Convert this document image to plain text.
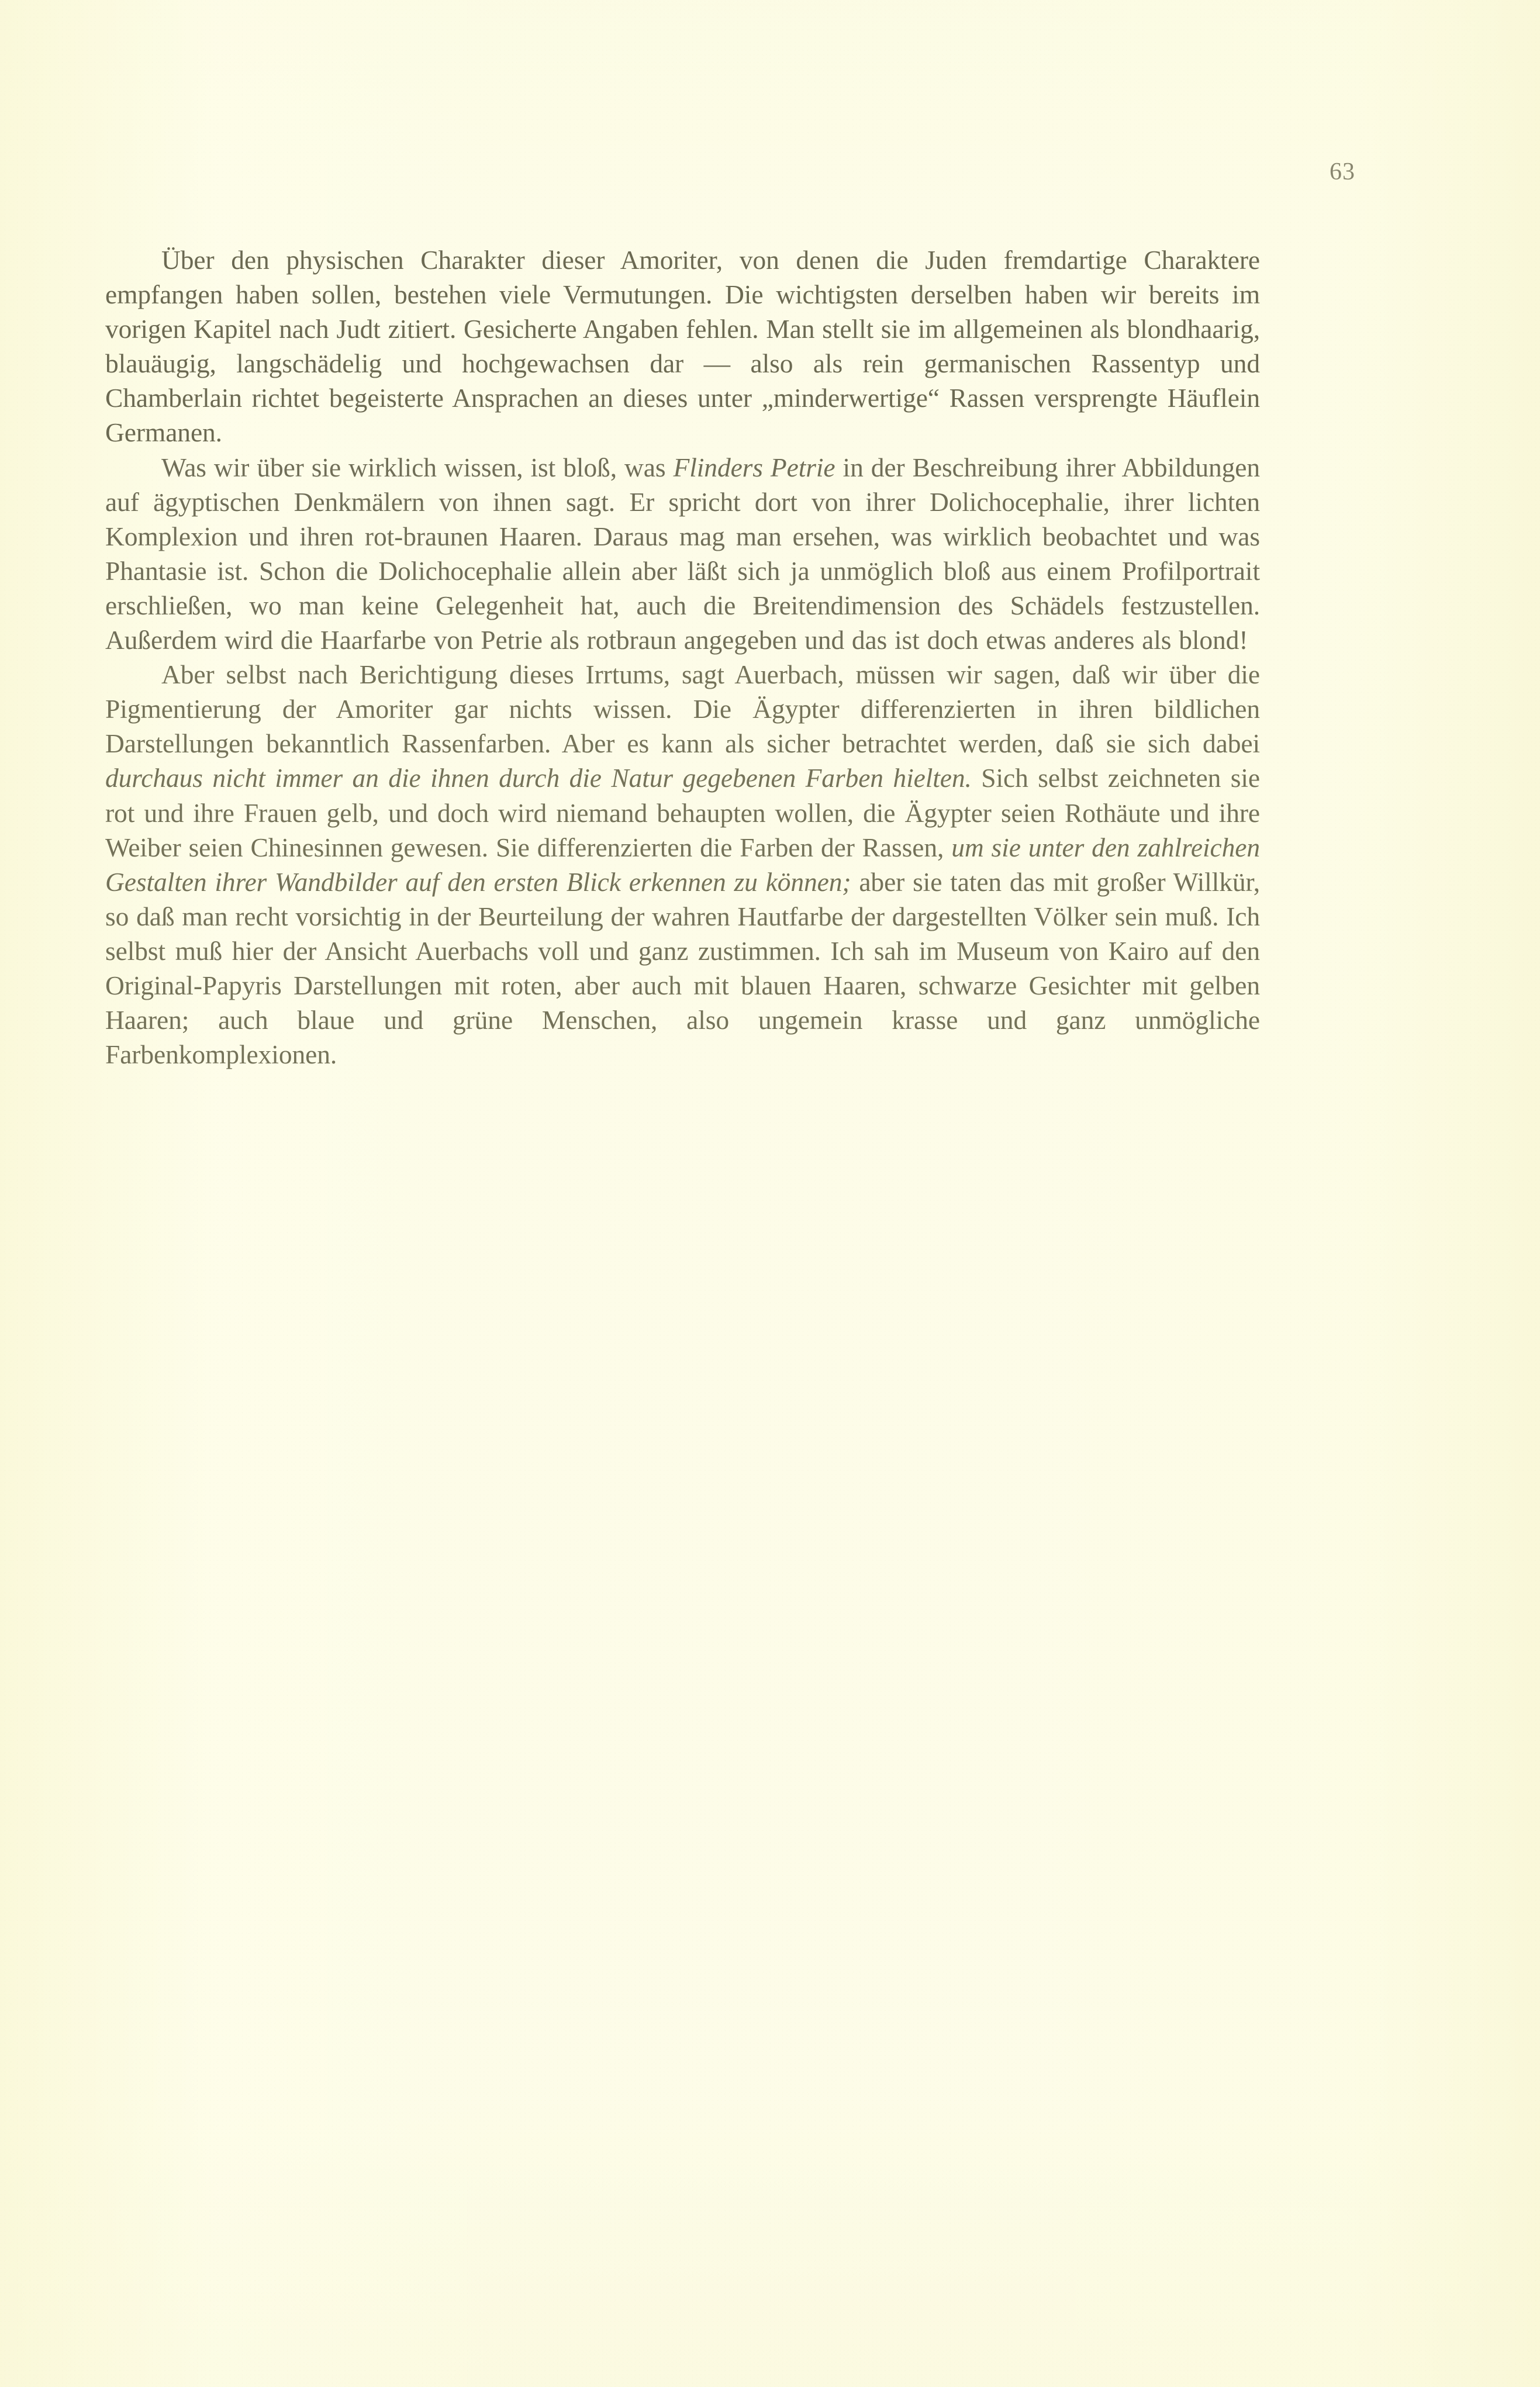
63

Über den physischen Charakter dieser Amoriter, von denen die Juden fremdartige Charaktere empfangen haben sollen, bestehen viele Vermutungen. Die wichtigsten derselben haben wir bereits im vorigen Kapitel nach Judt zitiert. Gesicherte Angaben fehlen. Man stellt sie im allgemeinen als blondhaarig, blauäugig, langschädelig und hochgewachsen dar — also als rein germanischen Rassentyp und Chamberlain richtet begeisterte Ansprachen an dieses unter „minderwertige“ Rassen versprengte Häuflein Germanen.

Was wir über sie wirklich wissen, ist bloß, was Flinders Petrie in der Beschreibung ihrer Abbildungen auf ägyptischen Denkmälern von ihnen sagt. Er spricht dort von ihrer Dolichocephalie, ihrer lichten Komplexion und ihren rot-braunen Haaren. Daraus mag man ersehen, was wirklich beobachtet und was Phantasie ist. Schon die Dolichocephalie allein aber läßt sich ja unmöglich bloß aus einem Profilportrait erschließen, wo man keine Gelegenheit hat, auch die Breitendimension des Schädels festzustellen. Außerdem wird die Haarfarbe von Petrie als rotbraun angegeben und das ist doch etwas anderes als blond!

Aber selbst nach Berichtigung dieses Irrtums, sagt Auerbach, müssen wir sagen, daß wir über die Pigmentierung der Amoriter gar nichts wissen. Die Ägypter differenzierten in ihren bildlichen Darstellungen bekanntlich Rassenfarben. Aber es kann als sicher betrachtet werden, daß sie sich dabei durchaus nicht immer an die ihnen durch die Natur gegebenen Farben hielten. Sich selbst zeichneten sie rot und ihre Frauen gelb, und doch wird niemand behaupten wollen, die Ägypter seien Rothäute und ihre Weiber seien Chinesinnen gewesen. Sie differenzierten die Farben der Rassen, um sie unter den zahlreichen Gestalten ihrer Wandbilder auf den ersten Blick erkennen zu können; aber sie taten das mit großer Willkür, so daß man recht vorsichtig in der Beurteilung der wahren Hautfarbe der dargestellten Völker sein muß. Ich selbst muß hier der Ansicht Auerbachs voll und ganz zustimmen. Ich sah im Museum von Kairo auf den Original-Papyris Darstellungen mit roten, aber auch mit blauen Haaren, schwarze Gesichter mit gelben Haaren; auch blaue und grüne Menschen, also ungemein krasse und ganz unmögliche Farbenkomplexionen.
